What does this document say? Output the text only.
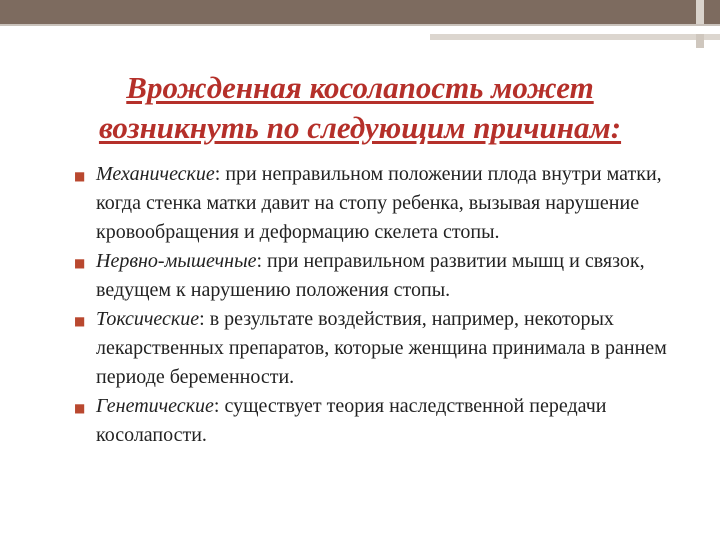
Врожденная косолапость может
возникнуть по следующим причинам:
■ Механические: при неправильном положении плода внутри матки, когда стенка матки давит на стопу ребенка, вызывая нарушение кровообращения и деформацию скелета стопы.
■ Нервно-мышечные: при неправильном развитии мышц и связок, ведущем к нарушению положения стопы.
■ Токсические: в результате воздействия, например, некоторых лекарственных препаратов, которые женщина принимала в раннем периоде беременности.
■ Генетические: существует теория наследственной передачи косолапости.
